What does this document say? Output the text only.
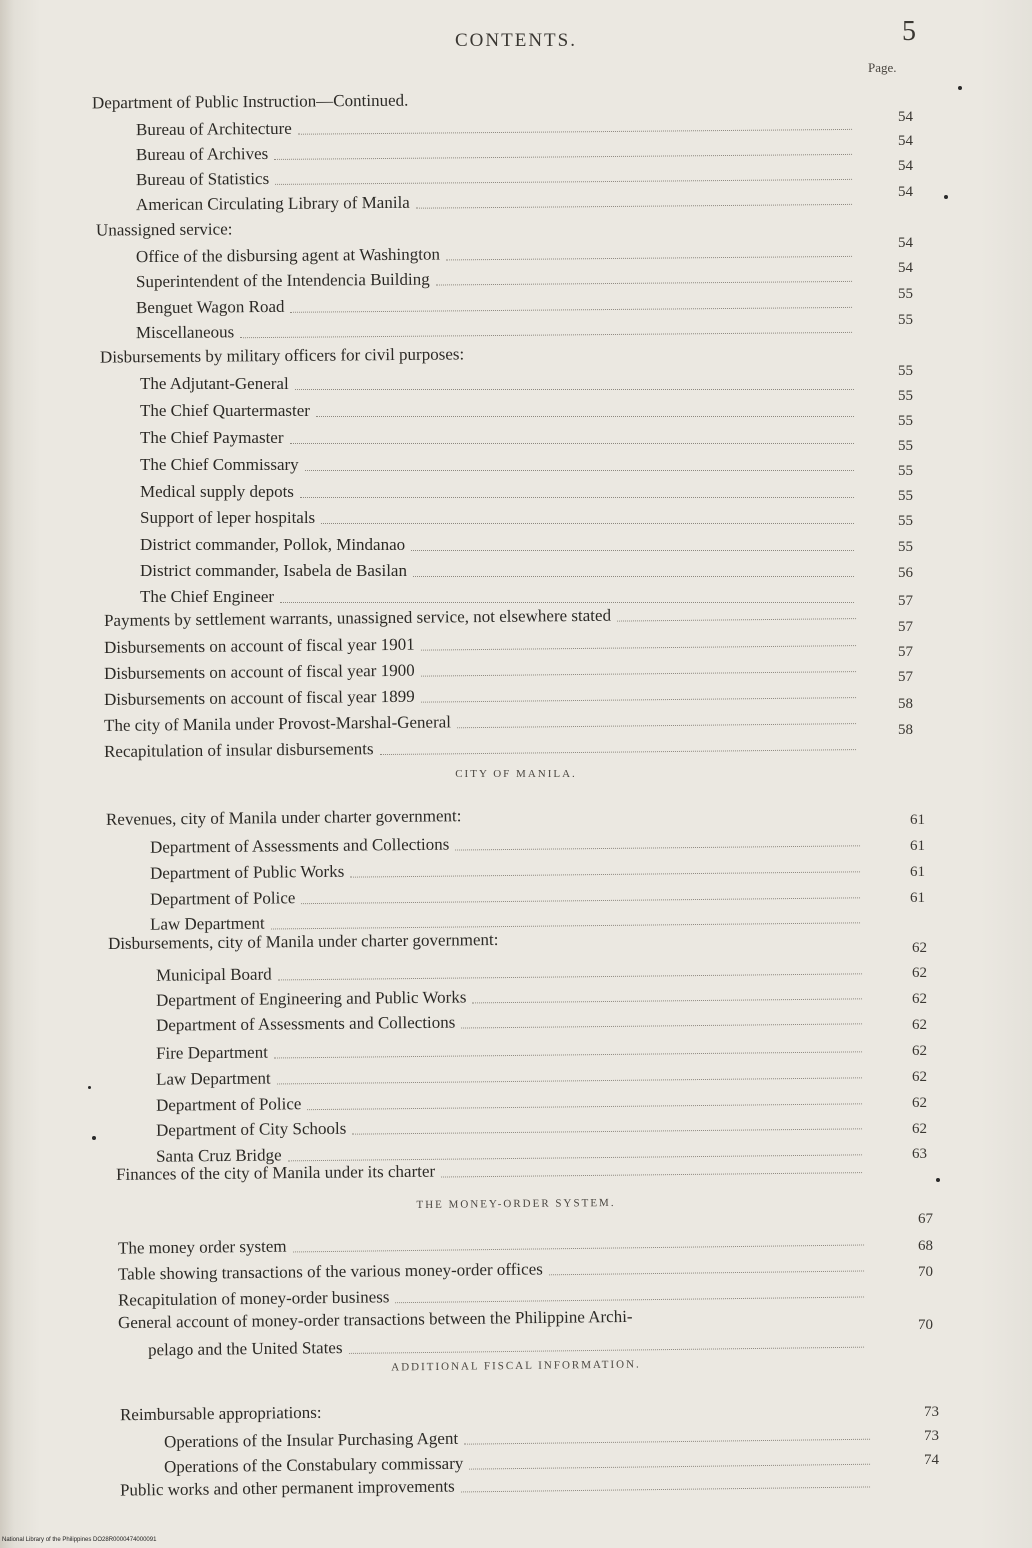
CONTENTS.	5
Page.
Department of Public Instruction—Continued.
Bureau of Architecture
Bureau of Archives
Bureau of Statistics
American Circulating Library of Manila
Unassigned service:
Office of the disbursing agent at Washington
Superintendent of the Intendencia Building
Benguet Wagon Road
Miscellaneous
Disbursements by military officers for civil purposes:
The Adjutant-General
The Chief Quartermaster
The Chief Paymaster
The Chief Commissary
Medical supply depots
Support of leper hospitals
District commander, Pollok, Mindanao
District commander, Isabela de Basilan
The Chief Engineer
Payments by settlement warrants, unassigned service, not elsewhere stated
Disbursements on account of fiscal year 1901
Disbursements on account of fiscal year 1900
Disbursements on account of fiscal year 1899
The city of Manila under Provost-Marshal-General
Recapitulation of insular disbursements
54
54
54
54
54
54
55
55
55
55
55
55
55
55
55
55
56
57
57
57
57
58
58
CITY OF MANILA.
Revenues, city of Manila under charter government:
Department of Assessments and Collections
Department of Public Works
Department of Police
Law Department
Disbursements, city of Manila under charter government:
Municipal Board
Department of Engineering and Public Works
Department of Assessments and Collections
Fire Department
Law Department
Department of Police
Department of City Schools
Santa Cruz Bridge
Finances of the city of Manila under its charter
61
61
61
61
62
62
62
62
62
62
62
62
63
THE MONEY-ORDER SYSTEM.
The money order system
Table showing transactions of the various money-order offices
Recapitulation of money-order business
General account of money-order transactions between the Philippine Archi-
pelago and the United States
67
68
70
70
ADDITIONAL FISCAL INFORMATION.
Reimbursable appropriations:
Operations of the Insular Purchasing Agent
Operations of the Constabulary commissary
Public works and other permanent improvements
73
73
74
National Library of the Philippines DO28R0000474000091
